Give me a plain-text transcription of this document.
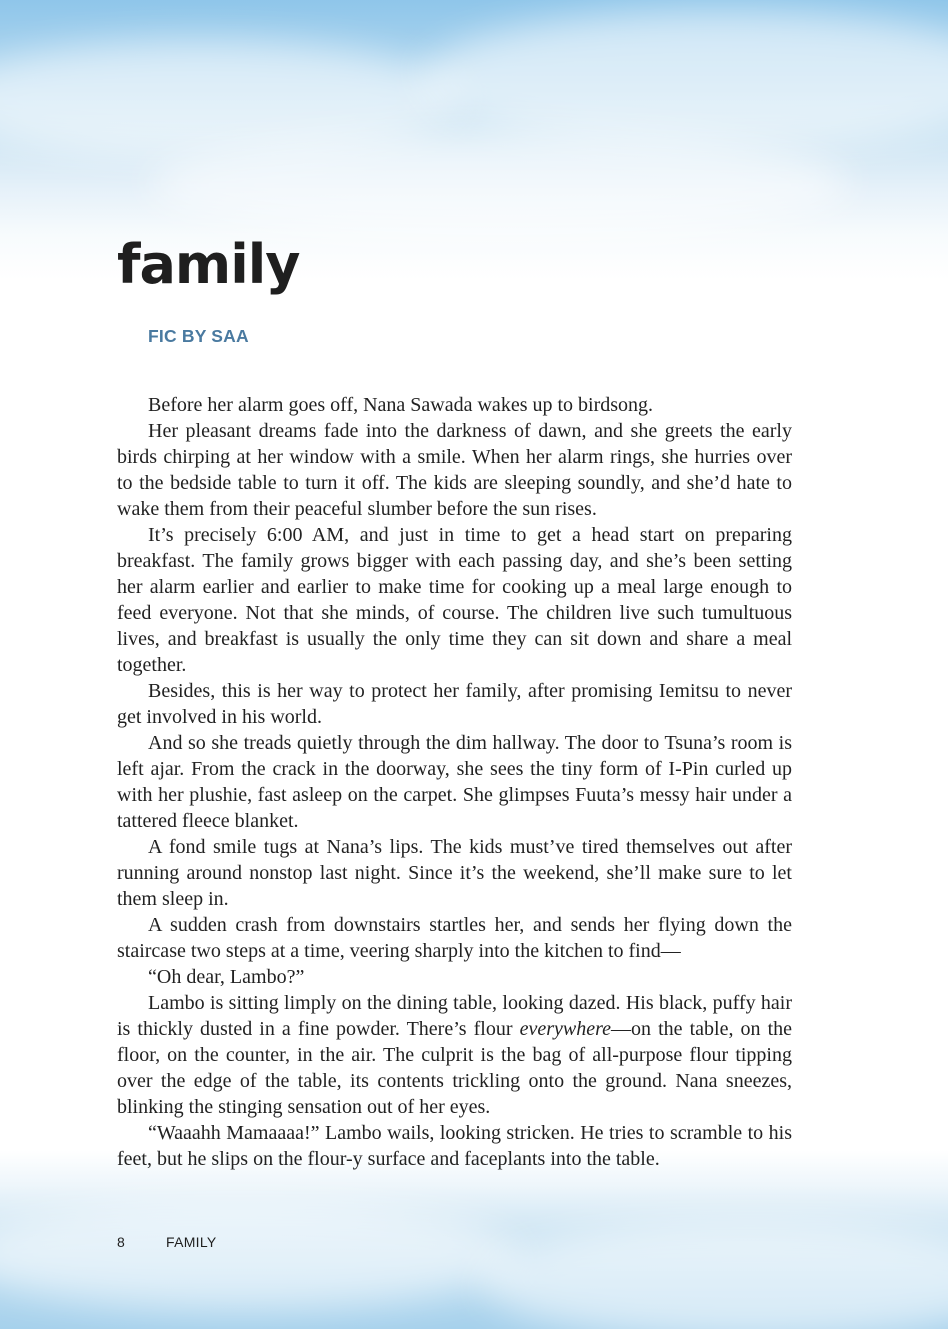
family
FIC BY SAA

Before her alarm goes off, Nana Sawada wakes up to birdsong.

Her pleasant dreams fade into the darkness of dawn, and she greets the early birds chirping at her window with a smile. When her alarm rings, she hurries over to the bedside table to turn it off. The kids are sleeping soundly, and she’d hate to wake them from their peaceful slumber before the sun rises.

It’s precisely 6:00 AM, and just in time to get a head start on preparing breakfast. The family grows bigger with each passing day, and she’s been setting her alarm earlier and earlier to make time for cooking up a meal large enough to feed everyone. Not that she minds, of course. The children live such tumultuous lives, and breakfast is usually the only time they can sit down and share a meal together.

Besides, this is her way to protect her family, after promising Iemitsu to never get involved in his world.

And so she treads quietly through the dim hallway. The door to Tsuna’s room is left ajar. From the crack in the doorway, she sees the tiny form of I-Pin curled up with her plushie, fast asleep on the carpet. She glimpses Fuuta’s messy hair under a tattered fleece blanket.

A fond smile tugs at Nana’s lips. The kids must’ve tired themselves out after running around nonstop last night. Since it’s the weekend, she’ll make sure to let them sleep in.

A sudden crash from downstairs startles her, and sends her flying down the staircase two steps at a time, veering sharply into the kitchen to find—

“Oh dear, Lambo?”

Lambo is sitting limply on the dining table, looking dazed. His black, puffy hair is thickly dusted in a fine powder. There’s flour everywhere—on the table, on the floor, on the counter, in the air. The culprit is the bag of all-purpose flour tipping over the edge of the table, its contents trickling onto the ground. Nana sneezes, blinking the stinging sensation out of her eyes.

“Waaahh Mamaaaa!” Lambo wails, looking stricken. He tries to scramble to his feet, but he slips on the flour-y surface and faceplants into the table.

8	FAMILY
